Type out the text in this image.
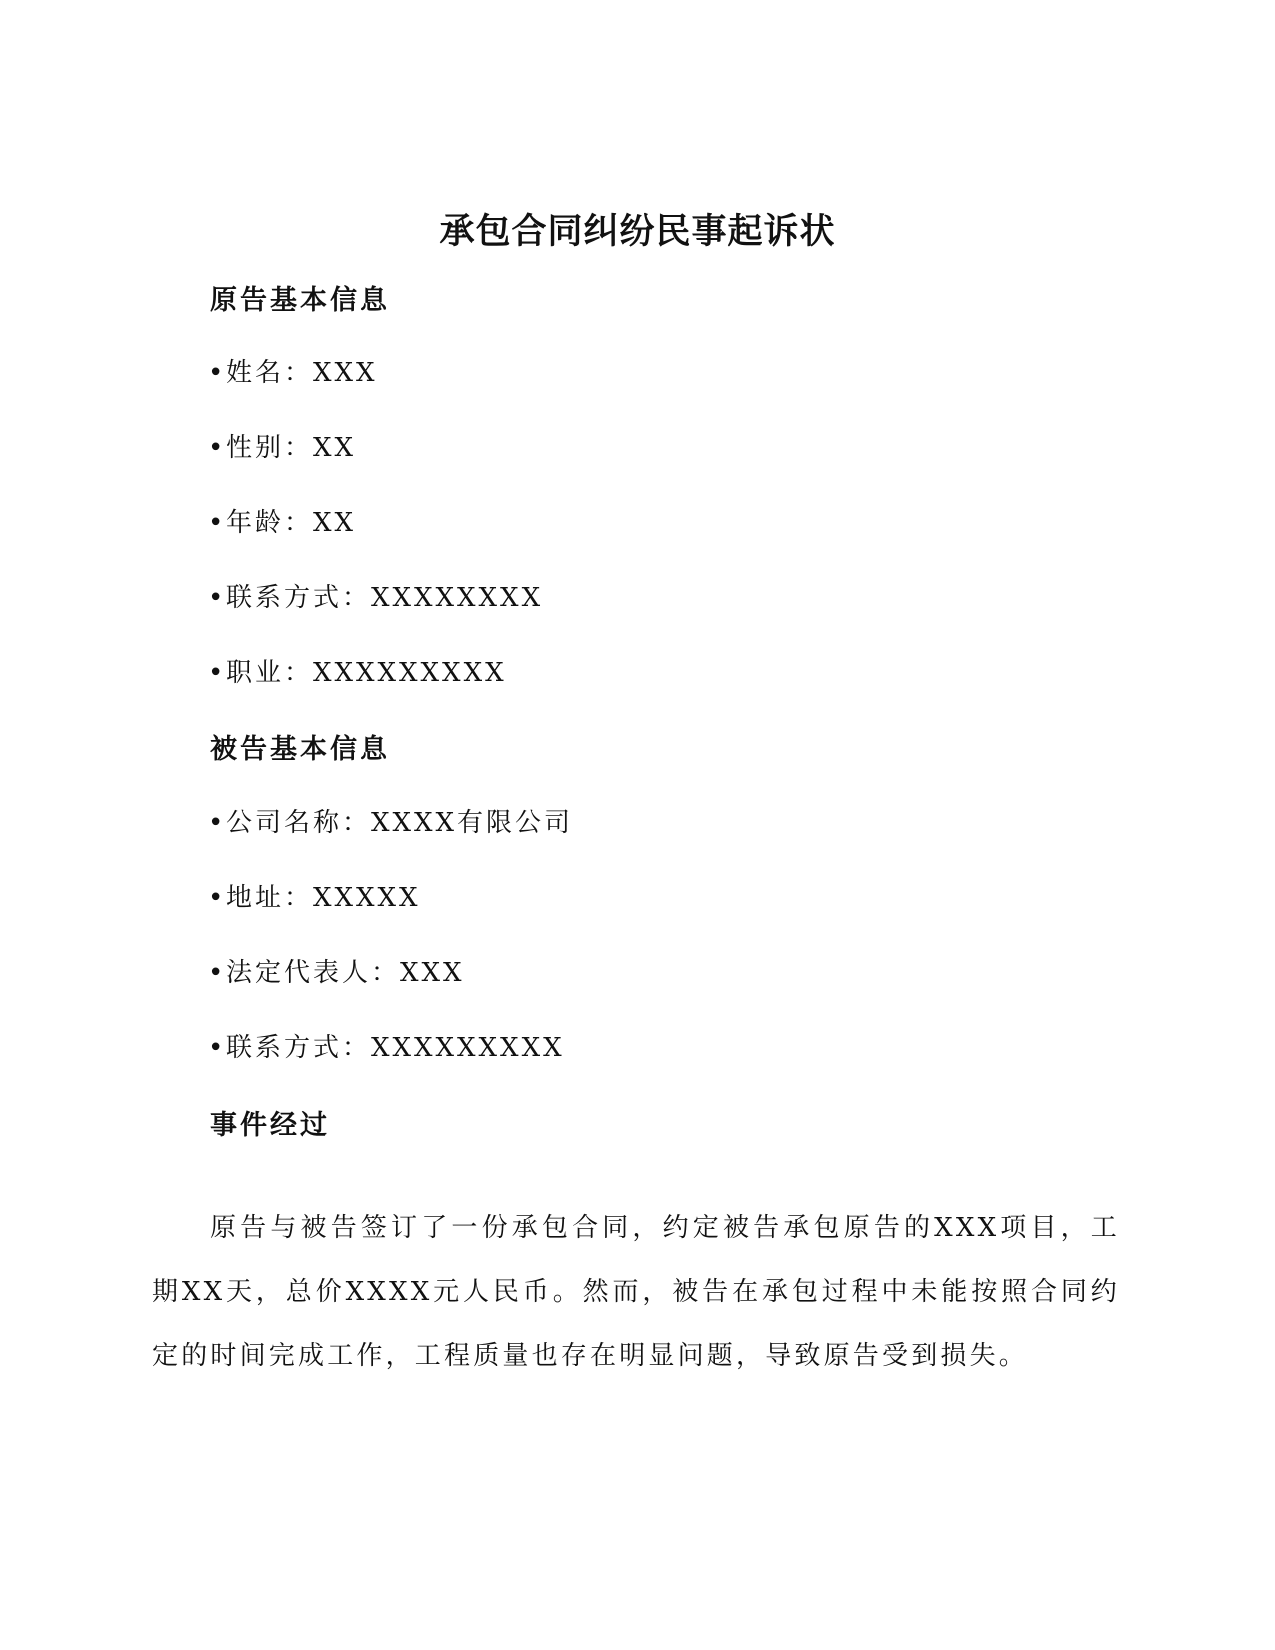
承包合同纠纷民事起诉状
原告基本信息
•姓名：XXX
•性别：XX
•年龄：XX
•联系方式：XXXXXXXX
•职业：XXXXXXXXX
被告基本信息
•公司名称：XXXX有限公司
•地址：XXXXX
•法定代表人：XXX
•联系方式：XXXXXXXXX
事件经过
原告与被告签订了一份承包合同，约定被告承包原告的XXX项目，工期XX天，总价XXXX元人民币。然而，被告在承包过程中未能按照合同约定的时间完成工作，工程质量也存在明显问题，导致原告受到损失。
